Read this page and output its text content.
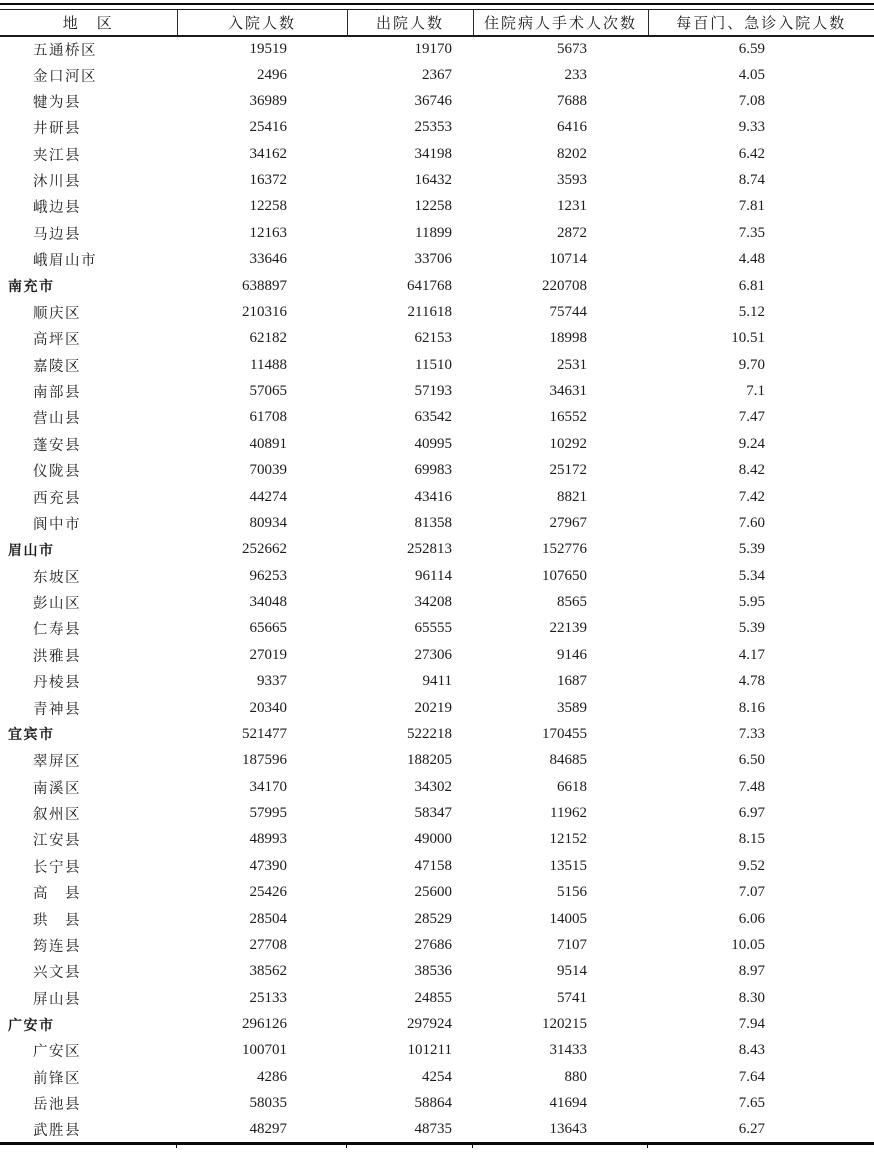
地　区	入院人数	出院人数	住院病人手术人次数	每百门、急诊入院人数
五通桥区	19519	19170	5673	6.59
金口河区	2496	2367	233	4.05
犍为县	36989	36746	7688	7.08
井研县	25416	25353	6416	9.33
夹江县	34162	34198	8202	6.42
沐川县	16372	16432	3593	8.74
峨边县	12258	12258	1231	7.81
马边县	12163	11899	2872	7.35
峨眉山市	33646	33706	10714	4.48
南充市	638897	641768	220708	6.81
顺庆区	210316	211618	75744	5.12
高坪区	62182	62153	18998	10.51
嘉陵区	11488	11510	2531	9.70
南部县	57065	57193	34631	7.1
营山县	61708	63542	16552	7.47
蓬安县	40891	40995	10292	9.24
仪陇县	70039	69983	25172	8.42
西充县	44274	43416	8821	7.42
阆中市	80934	81358	27967	7.60
眉山市	252662	252813	152776	5.39
东坡区	96253	96114	107650	5.34
彭山区	34048	34208	8565	5.95
仁寿县	65665	65555	22139	5.39
洪雅县	27019	27306	9146	4.17
丹棱县	9337	9411	1687	4.78
青神县	20340	20219	3589	8.16
宜宾市	521477	522218	170455	7.33
翠屏区	187596	188205	84685	6.50
南溪区	34170	34302	6618	7.48
叙州区	57995	58347	11962	6.97
江安县	48993	49000	12152	8.15
长宁县	47390	47158	13515	9.52
高　县	25426	25600	5156	7.07
珙　县	28504	28529	14005	6.06
筠连县	27708	27686	7107	10.05
兴文县	38562	38536	9514	8.97
屏山县	25133	24855	5741	8.30
广安市	296126	297924	120215	7.94
广安区	100701	101211	31433	8.43
前锋区	4286	4254	880	7.64
岳池县	58035	58864	41694	7.65
武胜县	48297	48735	13643	6.27
